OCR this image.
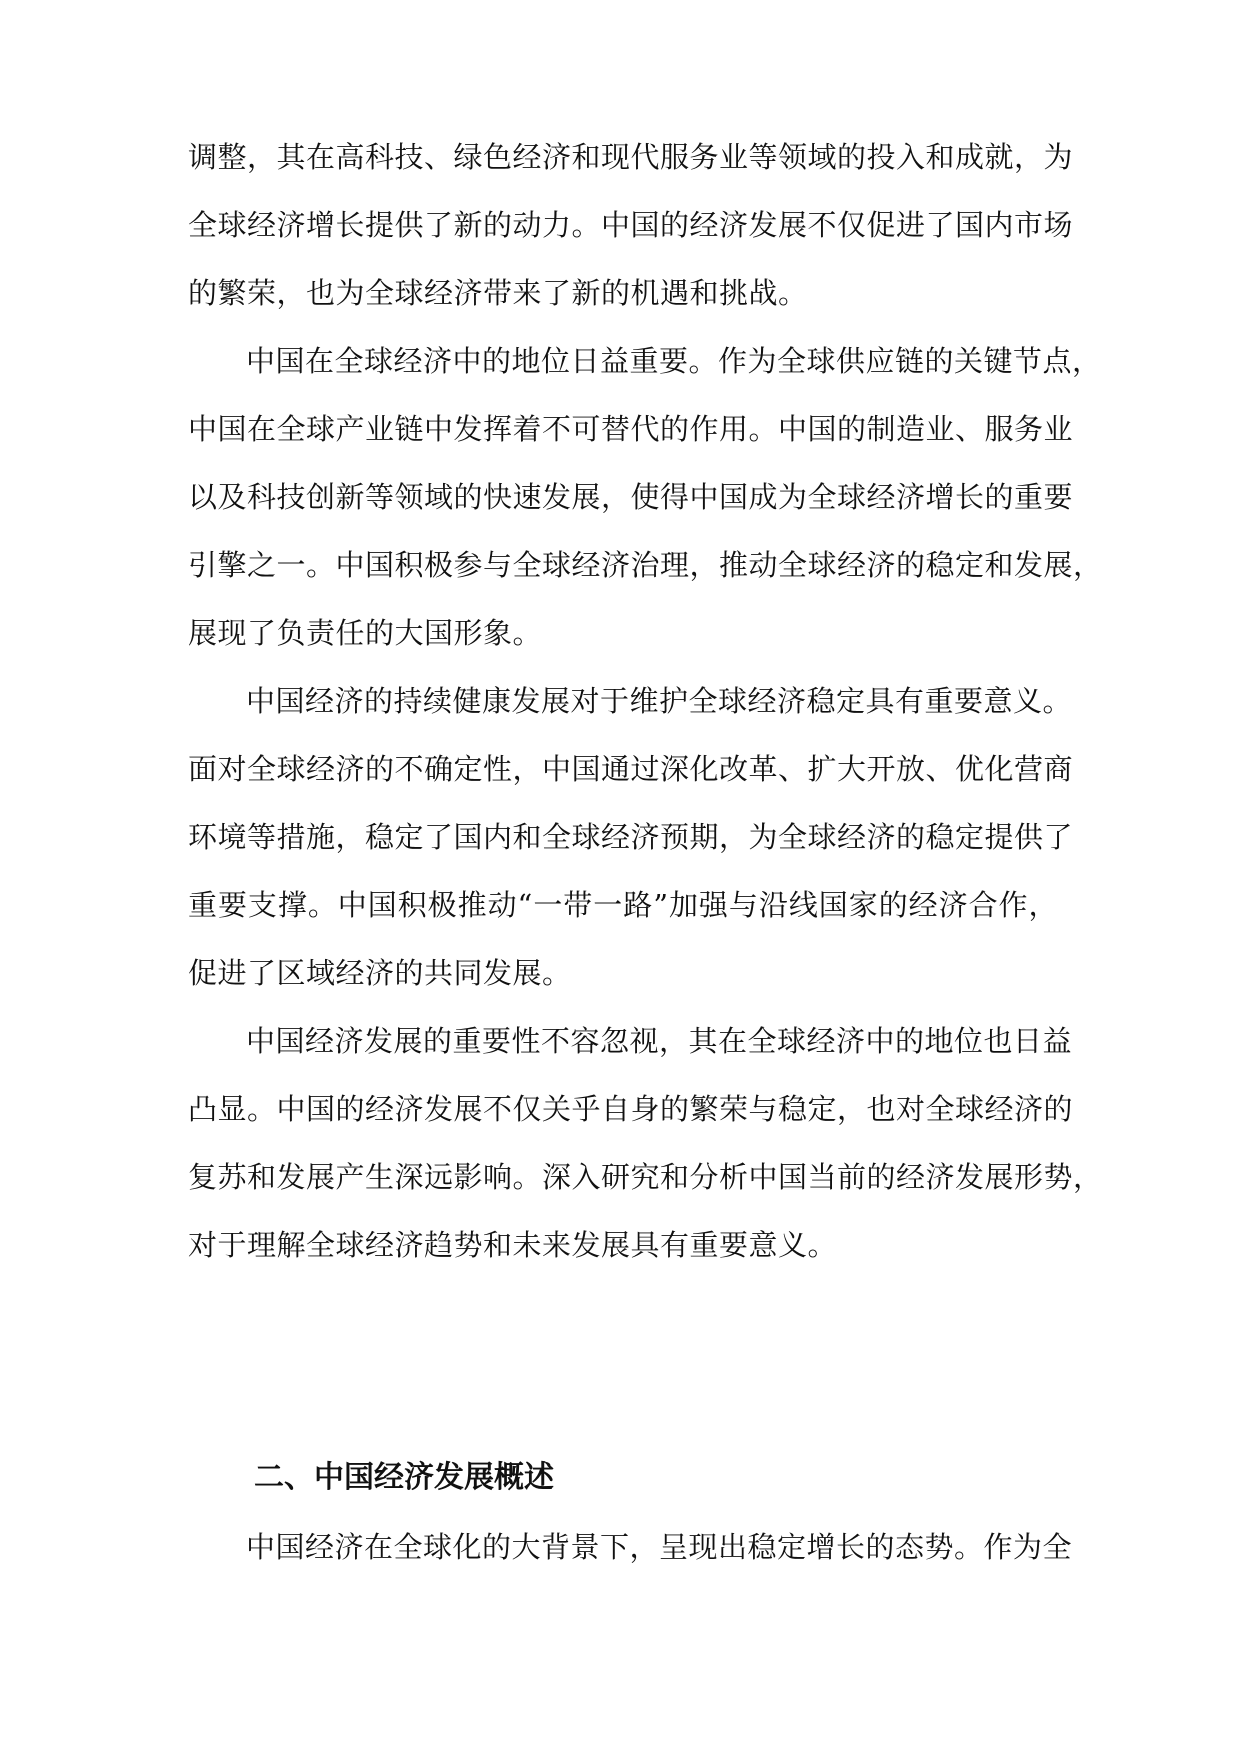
调整，其在高科技、绿色经济和现代服务业等领域的投入和成就，为
全球经济增长提供了新的动力。中国的经济发展不仅促进了国内市场
的繁荣，也为全球经济带来了新的机遇和挑战。
中国在全球经济中的地位日益重要。作为全球供应链的关键节点，
中国在全球产业链中发挥着不可替代的作用。中国的制造业、服务业
以及科技创新等领域的快速发展，使得中国成为全球经济增长的重要
引擎之一。中国积极参与全球经济治理，推动全球经济的稳定和发展，
展现了负责任的大国形象。
中国经济的持续健康发展对于维护全球经济稳定具有重要意义。
面对全球经济的不确定性，中国通过深化改革、扩大开放、优化营商
环境等措施，稳定了国内和全球经济预期，为全球经济的稳定提供了
重要支撑。中国积极推动“一带一路”加强与沿线国家的经济合作，
促进了区域经济的共同发展。
中国经济发展的重要性不容忽视，其在全球经济中的地位也日益
凸显。中国的经济发展不仅关乎自身的繁荣与稳定，也对全球经济的
复苏和发展产生深远影响。深入研究和分析中国当前的经济发展形势，
对于理解全球经济趋势和未来发展具有重要意义。
二、中国经济发展概述
中国经济在全球化的大背景下，呈现出稳定增长的态势。作为全
